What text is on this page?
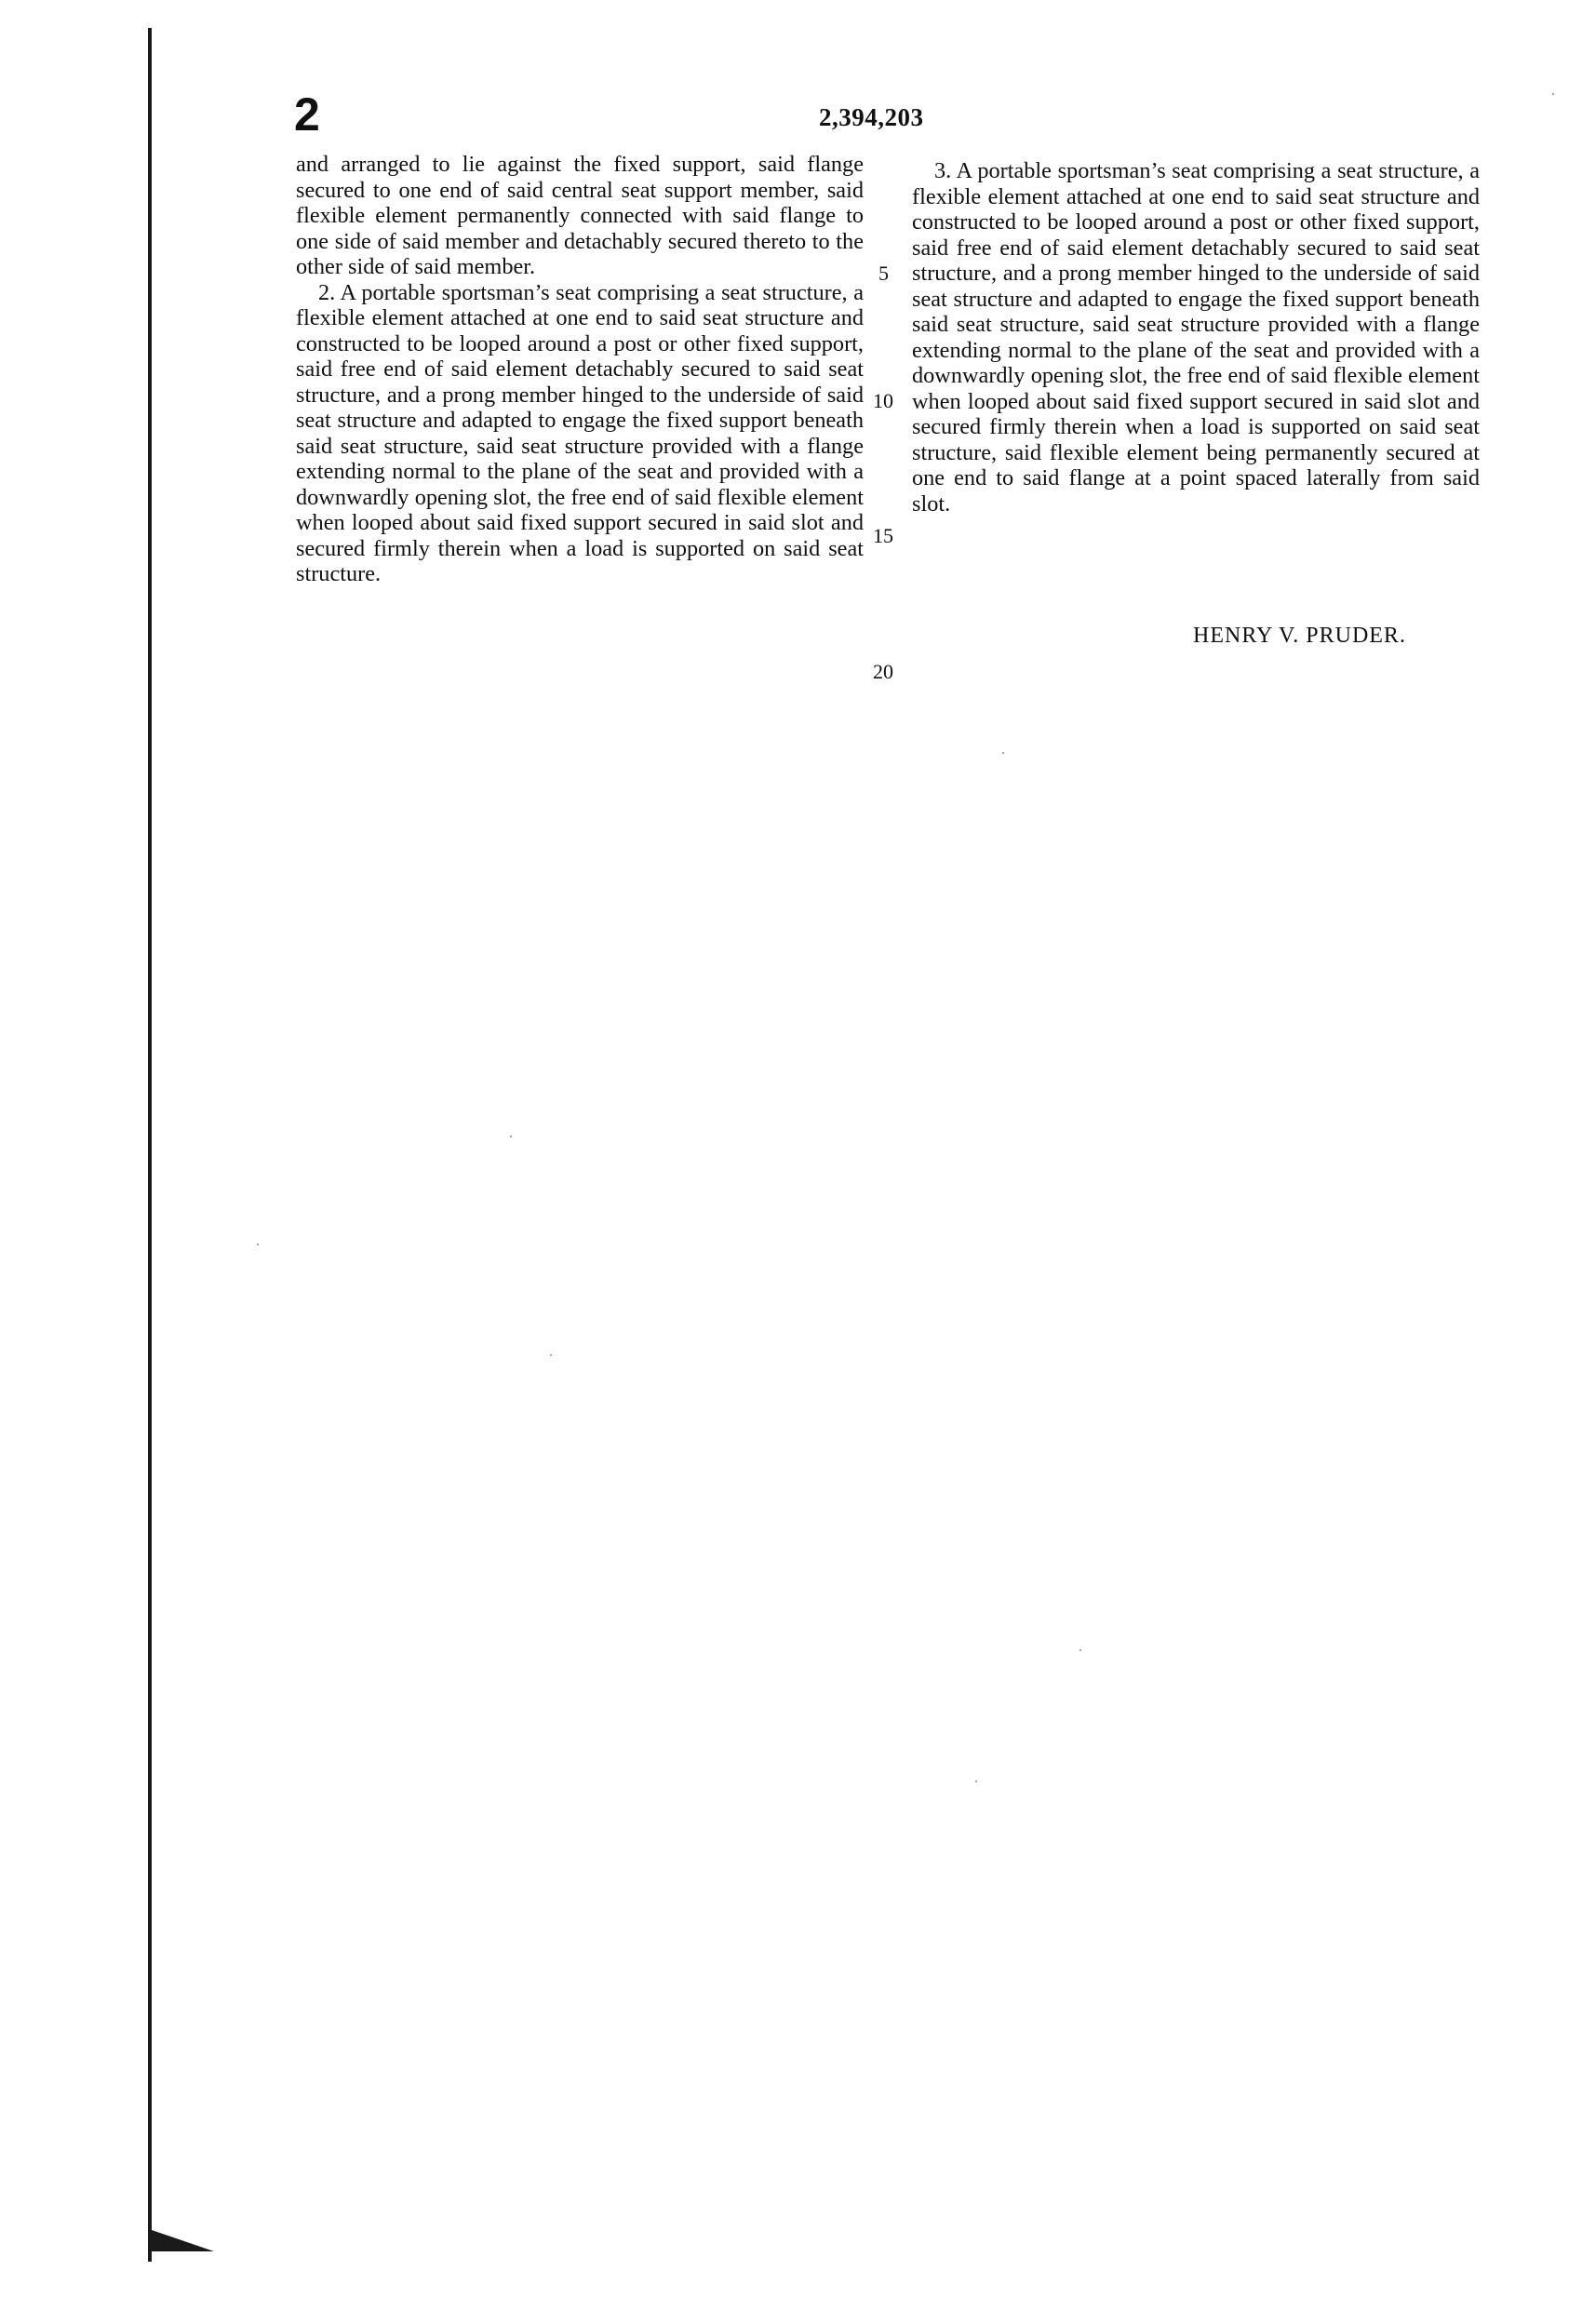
2	2,394,203

and arranged to lie against the fixed support, said flange secured to one end of said central seat support member, said flexible element permanently connected with said flange to one side of said member and detachably secured thereto to the other side of said member.

2. A portable sportsman’s seat comprising a seat structure, a flexible element attached at one end to said seat structure and constructed to be looped around a post or other fixed support, said free end of said element detachably secured to said seat structure, and a prong member hinged to the underside of said seat structure and adapted to engage the fixed support beneath said seat structure, said seat structure provided with a flange extending normal to the plane of the seat and provided with a downwardly opening slot, the free end of said flexible element when looped about said fixed support secured in said slot and secured firmly therein when a load is supported on said seat structure.

5
10
15
20

3. A portable sportsman’s seat comprising a seat structure, a flexible element attached at one end to said seat structure and constructed to be looped around a post or other fixed support, said free end of said element detachably secured to said seat structure, and a prong member hinged to the underside of said seat structure and adapted to engage the fixed support beneath said seat structure, said seat structure provided with a flange extending normal to the plane of the seat and provided with a downwardly opening slot, the free end of said flexible element when looped about said fixed support secured in said slot and secured firmly therein when a load is supported on said seat structure, said flexible element being permanently secured at one end to said flange at a point spaced laterally from said slot.

HENRY V. PRUDER.
